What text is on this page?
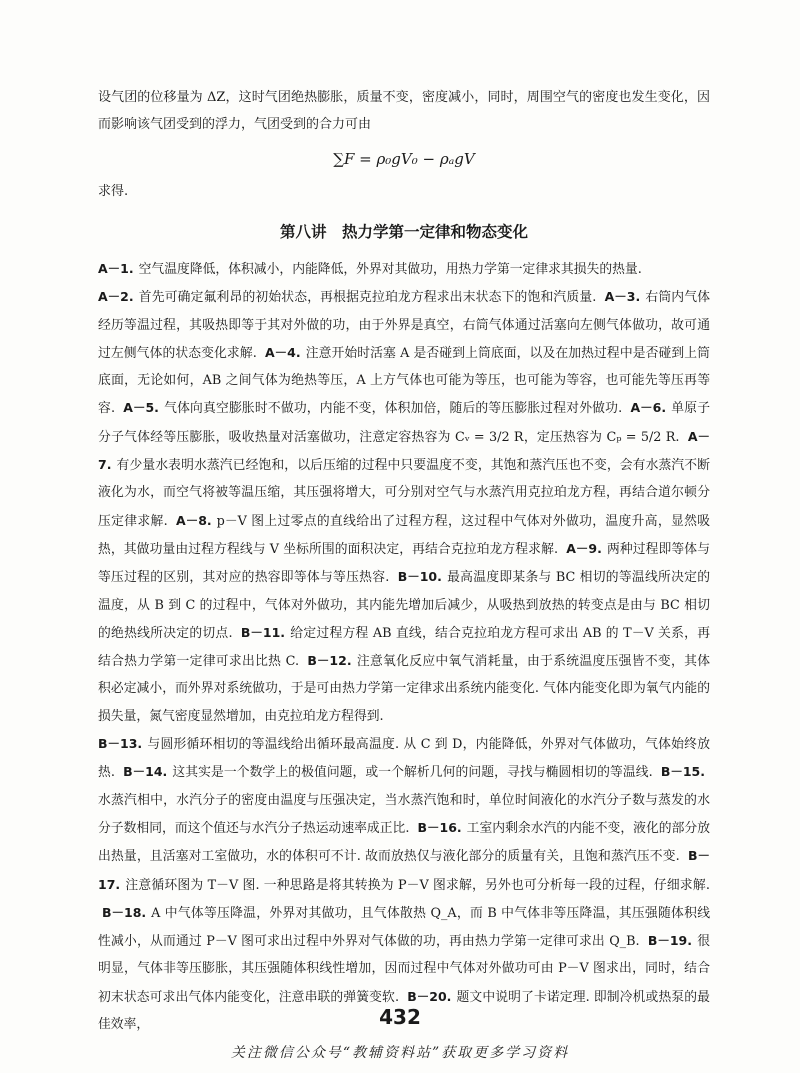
设气团的位移量为 ΔZ，这时气团绝热膨胀，质量不变，密度减小，同时，周围空气的密度也发生变化，因而影响该气团受到的浮力，气团受到的合力可由

∑F = ρ₀gV₀ − ρₐgV

求得.

第八讲　热力学第一定律和物态变化

A－1. 空气温度降低，体积减小，内能降低，外界对其做功，用热力学第一定律求其损失的热量.
A－2. 首先可确定氟利昂的初始状态，再根据克拉珀龙方程求出末状态下的饱和汽质量. A－3. 右筒内气体经历等温过程，其吸热即等于其对外做的功，由于外界是真空，右筒气体通过活塞向左侧气体做功，故可通过左侧气体的状态变化求解. A－4. 注意开始时活塞 A 是否碰到上筒底面，以及在加热过程中是否碰到上筒底面，无论如何，AB 之间气体为绝热等压，A 上方气体也可能为等压，也可能为等容，也可能先等压再等容. A－5. 气体向真空膨胀时不做功，内能不变，体积加倍，随后的等压膨胀过程对外做功. A－6. 单原子分子气体经等压膨胀，吸收热量对活塞做功，注意定容热容为 Cᵥ = 3/2 R，定压热容为 Cₚ = 5/2 R. A－7. 有少量水表明水蒸汽已经饱和，以后压缩的过程中只要温度不变，其饱和蒸汽压也不变，会有水蒸汽不断液化为水，而空气将被等温压缩，其压强将增大，可分别对空气与水蒸汽用克拉珀龙方程，再结合道尔顿分压定律求解. A－8. p－V 图上过零点的直线给出了过程方程，这过程中气体对外做功，温度升高，显然吸热，其做功量由过程方程线与 V 坐标所围的面积决定，再结合克拉珀龙方程求解. A－9. 两种过程即等体与等压过程的区别，其对应的热容即等体与等压热容. B－10. 最高温度即某条与 BC 相切的等温线所决定的温度，从 B 到 C 的过程中，气体对外做功，其内能先增加后减少，从吸热到放热的转变点是由与 BC 相切的绝热线所决定的切点. B－11. 给定过程方程 AB 直线，结合克拉珀龙方程可求出 AB 的 T－V 关系，再结合热力学第一定律可求出比热 C. B－12. 注意氧化反应中氧气消耗量，由于系统温度压强皆不变，其体积必定减小，而外界对系统做功，于是可由热力学第一定律求出系统内能变化. 气体内能变化即为氧气内能的损失量，氮气密度显然增加，由克拉珀龙方程得到.
B－13. 与圆形循环相切的等温线给出循环最高温度. 从 C 到 D，内能降低，外界对气体做功，气体始终放热. B－14. 这其实是一个数学上的极值问题，或一个解析几何的问题，寻找与椭圆相切的等温线. B－15.水蒸汽相中，水汽分子的密度由温度与压强决定，当水蒸汽饱和时，单位时间液化的水汽分子数与蒸发的水分子数相同，而这个值还与水汽分子热运动速率成正比. B－16. 工室内剩余水汽的内能不变，液化的部分放出热量，且活塞对工室做功，水的体积可不计. 故而放热仅与液化部分的质量有关，且饱和蒸汽压不变. B－17. 注意循环图为 T－V 图. 一种思路是将其转换为 P－V 图求解，另外也可分析每一段的过程，仔细求解. B－18. A 中气体等压降温，外界对其做功，且气体散热 Q_A，而 B 中气体非等压降温，其压强随体积线性减小，从而通过 P－V 图可求出过程中外界对气体做的功，再由热力学第一定律可求出 Q_B. B－19. 很明显，气体非等压膨胀，其压强随体积线性增加，因而过程中气体对外做功可由 P－V 图求出，同时，结合初末状态可求出气体内能变化，注意串联的弹簧变软. B－20. 题文中说明了卡诺定理. 即制冷机或热泵的最佳效率，	432
关注微信公众号“教辅资料站”获取更多学习资料
